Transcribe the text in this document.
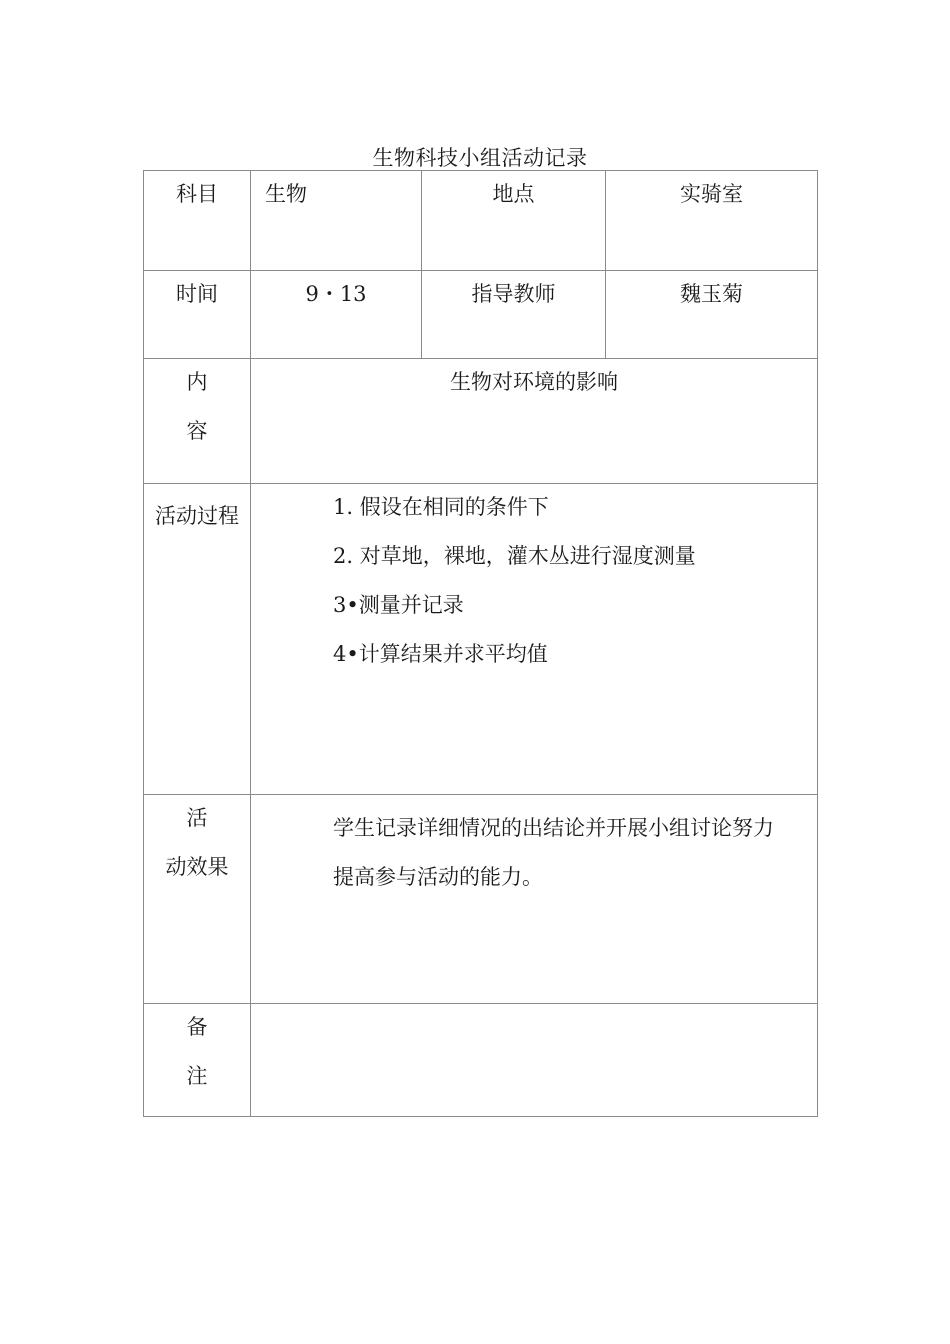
生物科技小组活动记录
科目	生物	地点	实骑室
时间	9・13	指导教师	魏玉菊

内
容	生物对环境的影响		
活动过程	1. 假设在相同的条件下
2. 对草地，裸地，灌木丛进行湿度测量
3•测量并记录
4•计算结果并求平均值		

活
动效果	学生记录详细情况的出结论并开展小组讨论努力
提高参与活动的能力。		

备
注			
